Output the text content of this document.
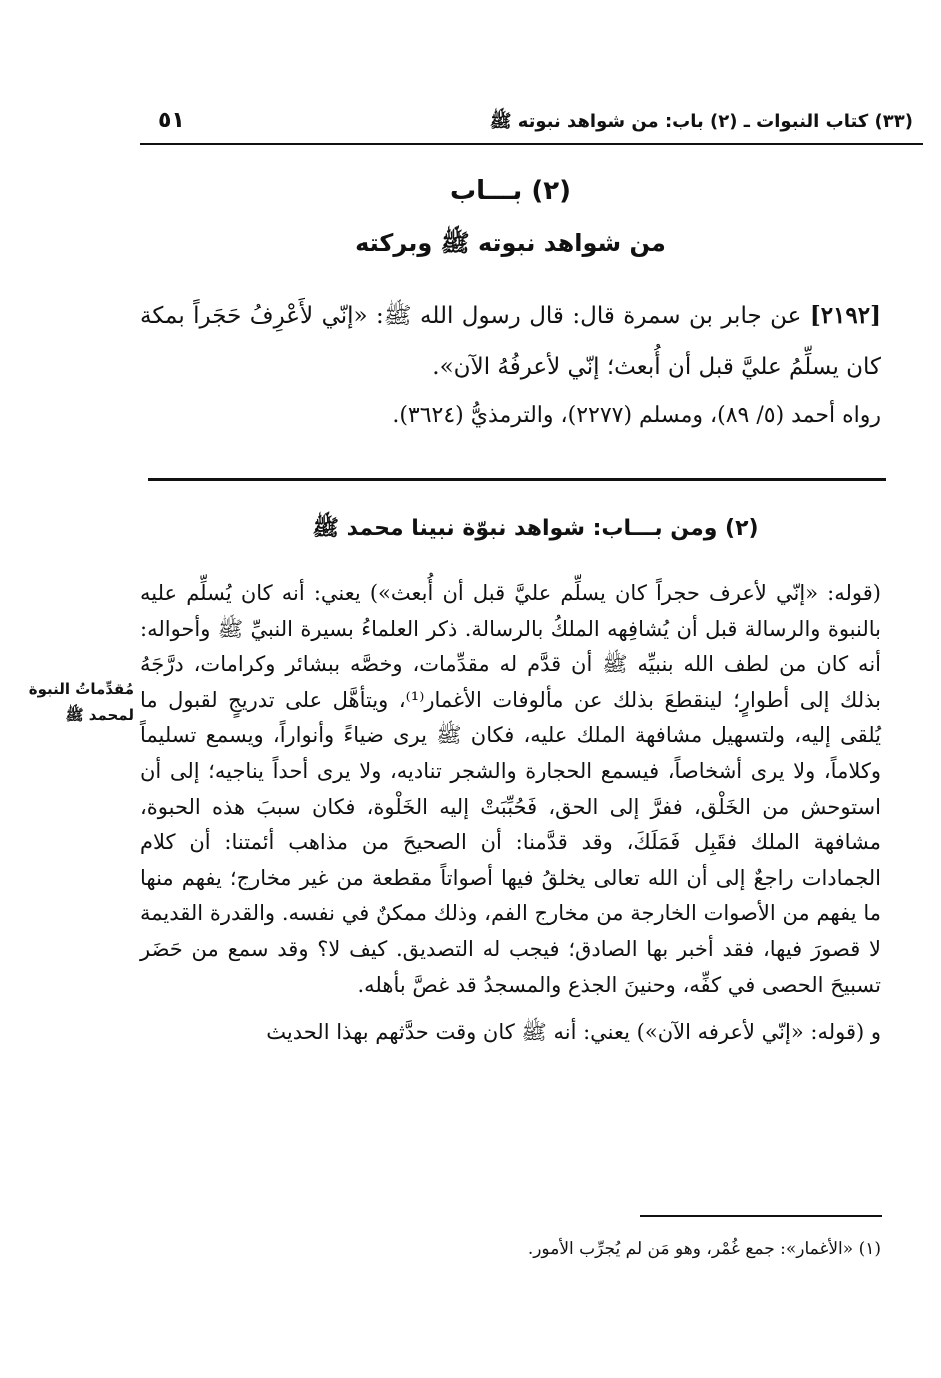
(٣٣) كتاب النبوات ـ (٢) باب: من شواهد نبوته ﷺ
٥١
(٢) بـــاب
من شواهد نبوته ﷺ وبركته
[٢١٩٢] عن جابر بن سمرة قال: قال رسول الله ﷺ: «إنّي لأَعْرِفُ حَجَراً بمكة كان يسلِّمُ عليَّ قبل أن أُبعث؛ إنّي لأعرفُهُ الآن».
رواه أحمد (٥/ ٨٩)، ومسلم (٢٢٧٧)، والترمذيُّ (٣٦٢٤).
(٢) ومن بـــاب: شواهد نبوّة نبينا محمد ﷺ

(قوله: «إنّي لأعرف حجراً كان يسلِّم عليَّ قبل أن أُبعث») يعني: أنه كان يُسلِّم عليه بالنبوة والرسالة قبل أن يُشافِهه الملكُ بالرسالة. ذكر العلماءُ بسيرة النبيِّ ﷺ وأحواله: أنه كان من لطف الله بنبيِّه ﷺ أن قدَّم له مقدِّمات، وخصَّه ببشائر وكرامات، درَّجَهُ بذلك إلى أطوارٍ؛ لينقطعَ بذلك عن مألوفات الأغمار⁽¹⁾، ويتأهَّل على تدريجٍ لقبول ما يُلقى إليه، ولتسهيل مشافهة الملك عليه، فكان ﷺ يرى ضياءً وأنواراً، ويسمع تسليماً وكلاماً، ولا يرى أشخاصاً، فيسمع الحجارة والشجر تناديه، ولا يرى أحداً يناجيه؛ إلى أن استوحش من الخَلْق، ففرَّ إلى الحق، فَحُبِّبَتْ إليه الخَلْوة، فكان سببَ هذه الحبوة، مشافهة الملك فقَبِل فَمَلَكَ، وقد قدَّمنا: أن الصحيحَ من مذاهب أئمتنا: أن كلام الجمادات راجعٌ إلى أن الله تعالى يخلقُ فيها أصواتاً مقطعة من غير مخارج؛ يفهم منها ما يفهم من الأصوات الخارجة من مخارج الفم، وذلك ممكنٌ في نفسه. والقدرة القديمة لا قصورَ فيها، فقد أخبر بها الصادق؛ فيجب له التصديق. كيف لا؟ وقد سمع من حَضَر تسبيحَ الحصى في كفِّه، وحنينَ الجذع والمسجدُ قد غصَّ بأهله.

و (قوله: «إنّي لأعرفه الآن») يعني: أنه ﷺ كان وقت حدَّثهم بهذا الحديث

مُقدِّماتُ النبوة لمحمد ﷺ
(١) «الأغمار»: جمع غُمْر، وهو مَن لم يُجرِّب الأمور.
